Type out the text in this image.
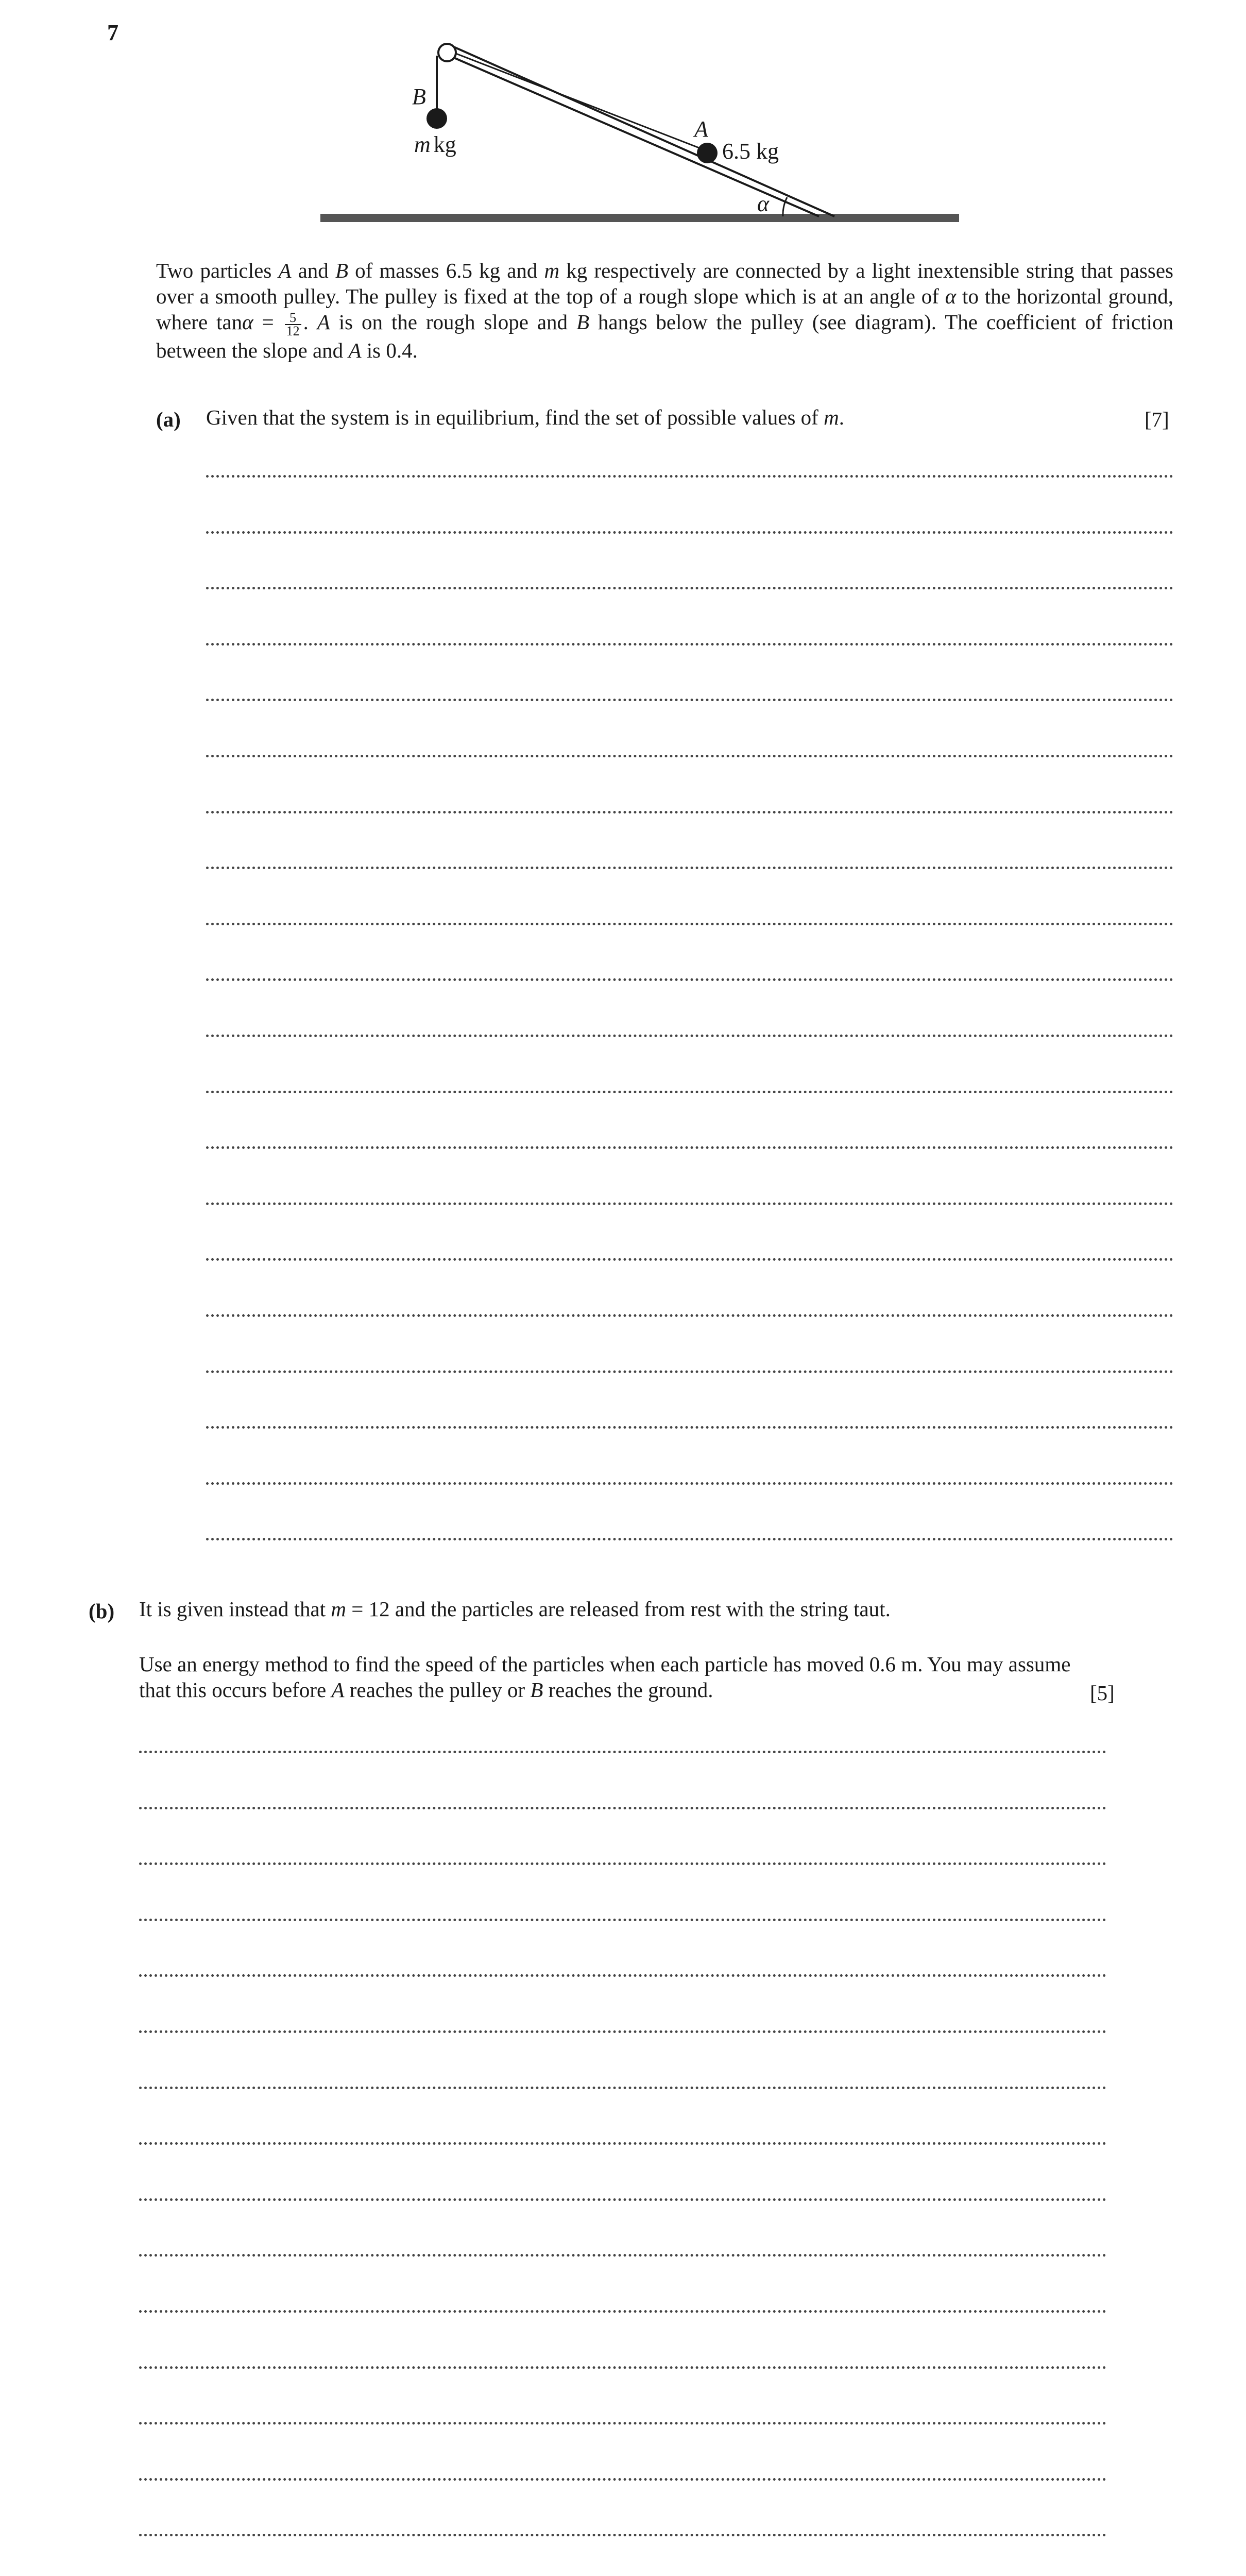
7
B
m kg
A
6.5 kg
α
Two particles A and B of masses 6.5 kg and m kg respectively are connected by a light inextensible string that passes over a smooth pulley. The pulley is fixed at the top of a rough slope which is at an angle of α to the horizontal ground, where $\tan\alpha = \frac{5}{12}$ . A is on the rough slope and B hangs below the pulley (see diagram). The coefficient of friction between the slope and A is 0.4.
(a) Given that the system is in equilibrium, find the set of possible values of m.	[7]
(b) It is given instead that m = 12 and the particles are released from rest with the string taut.
Use an energy method to find the speed of the particles when each particle has moved 0.6 m. You may assume that this occurs before A reaches the pulley or B reaches the ground.	[5]
